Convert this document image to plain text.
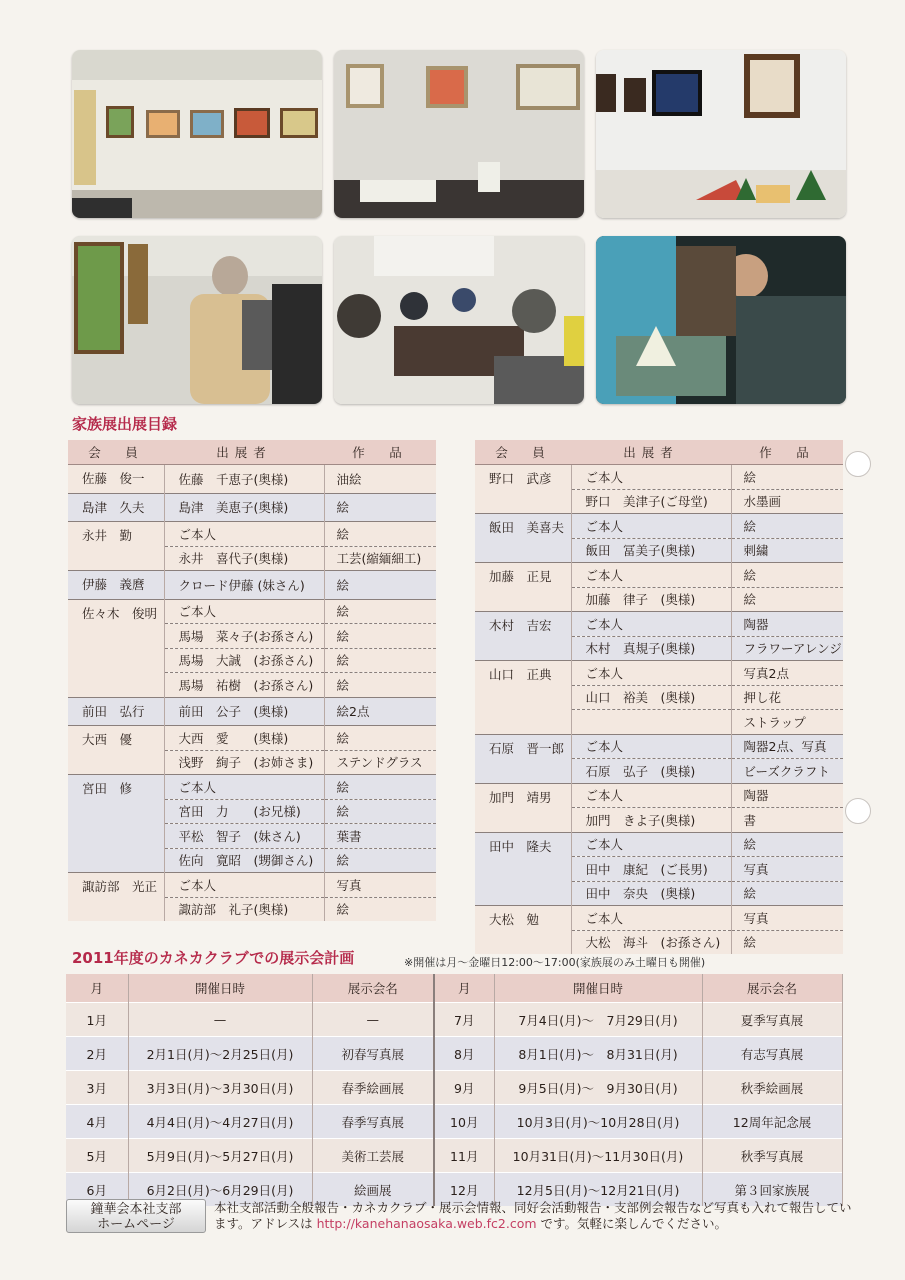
家族展出展目録
会　員	出展者	作　品
佐藤　俊一	佐藤　千恵子(奥様)	油絵
島津　久夫	島津　美恵子(奥様)	絵
永井　勤	ご本人	絵
	永井　喜代子(奥様)	工芸(縮緬細工)
伊藤　義麿	クロード伊藤 (妹さん)	絵
佐々木　俊明	ご本人	絵
	馬場　菜々子(お孫さん)	絵
	馬場　大誠　(お孫さん)	絵
	馬場　祐樹　(お孫さん)	絵
前田　弘行	前田　公子　(奥様)	絵2点
大西　優	大西　愛　　(奥様)	絵
	浅野　絢子　(お姉さま)	ステンドグラス
宮田　修	ご本人	絵
	宮田　力　　(お兄様)	絵
	平松　智子　(妹さん)	葉書
	佐向　寛昭　(甥御さん)	絵
諏訪部　光正	ご本人	写真
	諏訪部　礼子(奥様)	絵
会　員	出展者	作　品
野口　武彦	ご本人	絵
	野口　美津子(ご母堂)	水墨画
飯田　美喜夫	ご本人	絵
	飯田　冨美子(奥様)	刺繍
加藤　正見	ご本人	絵
	加藤　律子　(奥様)	絵
木村　吉宏	ご本人	陶器
	木村　真規子(奥様)	フラワーアレンジ
山口　正典	ご本人	写真2点
	山口　裕美　(奥様)	押し花
		ストラップ
石原　晋一郎	ご本人	陶器2点、写真
	石原　弘子　(奥様)	ビーズクラフト
加門　靖男	ご本人	陶器
	加門　きよ子(奥様)	書
田中　隆夫	ご本人	絵
	田中　康紀　(ご長男)	写真
	田中　奈央　(奥様)	絵
大松　勉	ご本人	写真
	大松　海斗　(お孫さん)	絵
2011年度のカネカクラブでの展示会計画	※開催は月～金曜日12:00～17:00(家族展のみ土曜日も開催)
月	開催日時	展示会名	月	開催日時	展示会名
1月	—	—	7月	7月4日(月)～　7月29日(月)	夏季写真展
2月	2月1日(月)～2月25日(月)	初春写真展	8月	8月1日(月)～　8月31日(月)	有志写真展
3月	3月3日(月)～3月30日(月)	春季絵画展	9月	9月5日(月)～　9月30日(月)	秋季絵画展
4月	4月4日(月)～4月27日(月)	春季写真展	10月	10月3日(月)～10月28日(月)	12周年記念展
5月	5月9日(月)～5月27日(月)	美術工芸展	11月	10月31日(月)～11月30日(月)	秋季写真展
6月	6月2日(月)～6月29日(月)	絵画展	12月	12月5日(月)～12月21日(月)	第３回家族展
鐘華会本社支部
ホームページ
本社支部活動全般報告・カネカクラブ・展示会情報、同好会活動報告・支部例会報告など写真も入れて報告しています。アドレスは http://kanehanaosaka.web.fc2.com です。気軽に楽しんでください。
